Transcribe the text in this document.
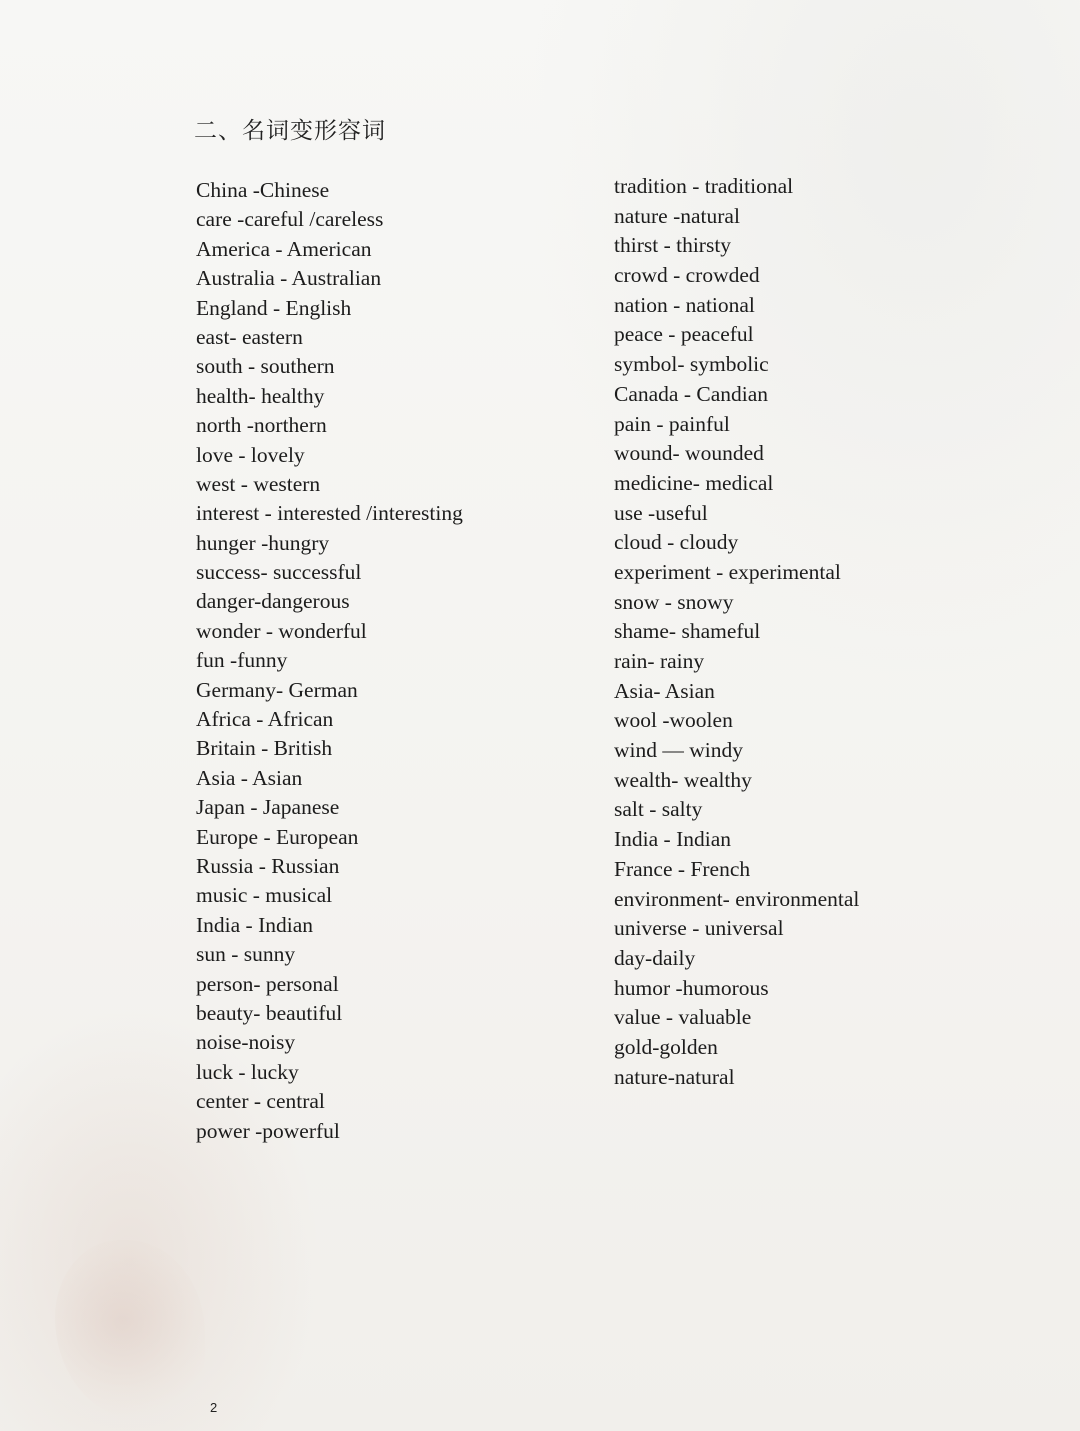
二、名词变形容词
China -Chinese
care -careful /careless
America - American
Australia - Australian
England - English
east- eastern
south - southern
health- healthy
north -northern
love - lovely
west - western
interest - interested /interesting
hunger -hungry
success- successful
danger-dangerous
wonder - wonderful
fun -funny
Germany- German
Africa - African
Britain - British
Asia - Asian
Japan - Japanese
Europe - European
Russia - Russian
music - musical
India - Indian
sun - sunny
person- personal
beauty- beautiful
noise-noisy
luck - lucky
center - central
power -powerful
tradition - traditional
nature -natural
thirst - thirsty
crowd - crowded
nation - national
peace - peaceful
symbol- symbolic
Canada - Candian
pain - painful
wound- wounded
medicine- medical
use -useful
cloud - cloudy
experiment - experimental
snow - snowy
shame- shameful
rain- rainy
Asia- Asian
wool -woolen
wind — windy
wealth- wealthy
salt - salty
India - Indian
France - French
environment- environmental
universe - universal
day-daily
humor -humorous
value - valuable
gold-golden
nature-natural
2
